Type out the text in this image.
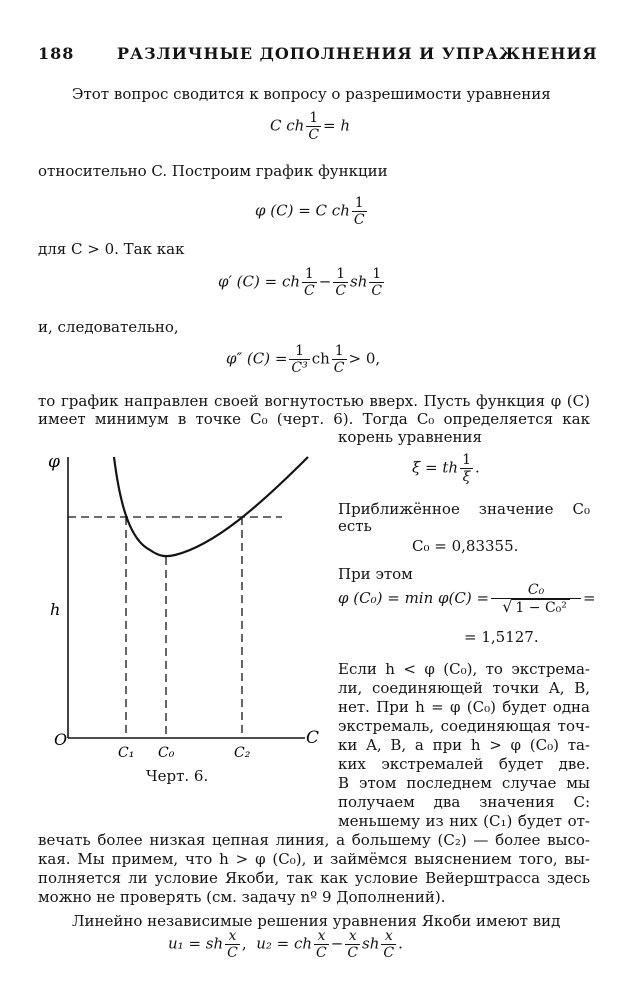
188	РАЗЛИЧНЫЕ ДОПОЛНЕНИЯ И УПРАЖНЕНИЯ
Этот вопрос сводится к вопросу о разрешимости уравнения
C ch $\frac{1}{C} = h$
относительно C. Построим график функции
φ (C) = C ch $\frac{1}{C}$
для C > 0. Так как
φ′ (C) = ch $\frac{1}{C} - \frac{1}{C}$ sh $\frac{1}{C}$
и, следовательно,
φ″ $(C) = \frac{1}{\text{C³}}$ ch $\frac{1}{C} > 0$,
то график направлен своей вогнутостью вверх. Пусть функция φ (C)
имеет минимум в точке C₀ (черт. 6). Тогда C₀ определяется как
корень уравнения
ξ = th $\frac{1}{\xi}$ .
Приближённое значение C₀
есть
C₀ = 0,83355.
При этом
φ $(C_0) = \min \varphi(C) = \frac{\text{C₀}}{\text{√ 1 − C₀²}}$ =
= 1,5127.
Если h < φ (C₀), то экстрема-
ли, соединяющей точки A, B,
нет. При h = φ (C₀) будет одна
экстремаль, соединяющая точ-
ки A, B, а при h > φ (C₀) та-
ких экстремалей будет две.
В этом последнем случае мы
получаем два значения C:
меньшему из них (C₁) будет от-
вечать более низкая цепная линия, а большему (C₂) — более высо-
кая. Мы примем, что h > φ (C₀), и займёмся выяснением того, вы-
полняется ли условие Якоби, так как условие Вейерштрасса здесь
можно не проверять (см. задачу nº 9 Дополнений).
Линейно независимые решения уравнения Якоби имеют вид
u₁ = sh $\frac{x}{C}$ , u₂ = ch $\frac{x}{C} - \frac{x}{C}$ sh $\frac{x}{C}$ .
φ
h
O	C
C₁ C₀	C₂
Черт. 6.
